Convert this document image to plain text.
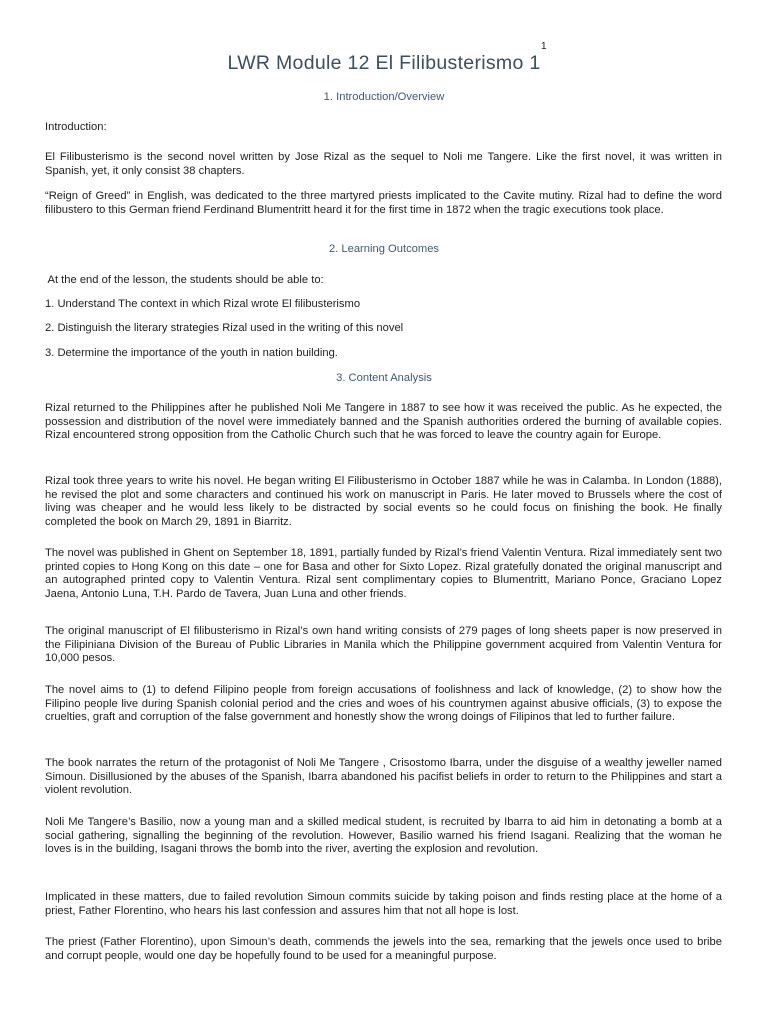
1
LWR Module 12 El Filibusterismo 1
1. Introduction/Overview

Introduction:

El Filibusterismo is the second novel written by Jose Rizal as the sequel to Noli me Tangere. Like the first novel, it was written in Spanish, yet, it only consist 38 chapters.

“Reign of Greed” in English, was dedicated to the three martyred priests implicated to the Cavite mutiny. Rizal had to define the word filibustero to this German friend Ferdinand Blumentritt heard it for the first time in 1872 when the tragic executions took place.

2. Learning Outcomes

At the end of the lesson, the students should be able to:

1. Understand The context in which Rizal wrote El filibusterismo

2. Distinguish the literary strategies Rizal used in the writing of this novel

3. Determine the importance of the youth in nation building.

3. Content Analysis

Rizal returned to the Philippines after he published Noli Me Tangere in 1887 to see how it was received the public. As he expected, the possession and distribution of the novel were immediately banned and the Spanish authorities ordered the burning of available copies. Rizal encountered strong opposition from the Catholic Church such that he was forced to leave the country again for Europe.

Rizal took three years to write his novel. He began writing El Filibusterismo in October 1887 while he was in Calamba. In London (1888), he revised the plot and some characters and continued his work on manuscript in Paris. He later moved to Brussels where the cost of living was cheaper and he would less likely to be distracted by social events so he could focus on finishing the book. He finally completed the book on March 29, 1891 in Biarritz.

The novel was published in Ghent on September 18, 1891, partially funded by Rizal’s friend Valentin Ventura. Rizal immediately sent two printed copies to Hong Kong on this date – one for Basa and other for Sixto Lopez. Rizal gratefully donated the original manuscript and an autographed printed copy to Valentin Ventura. Rizal sent complimentary copies to Blumentritt, Mariano Ponce, Graciano Lopez Jaena, Antonio Luna, T.H. Pardo de Tavera, Juan Luna and other friends.

The original manuscript of El filibusterismo in Rizal’s own hand writing consists of 279 pages of long sheets paper is now preserved in the Filipiniana Division of the Bureau of Public Libraries in Manila which the Philippine government acquired from Valentin Ventura for 10,000 pesos.

The novel aims to (1) to defend Filipino people from foreign accusations of foolishness and lack of knowledge, (2) to show how the Filipino people live during Spanish colonial period and the cries and woes of his countrymen against abusive officials, (3) to expose the cruelties, graft and corruption of the false government and honestly show the wrong doings of Filipinos that led to further failure.

The book narrates the return of the protagonist of Noli Me Tangere , Crisostomo Ibarra, under the disguise of a wealthy jeweller named Simoun. Disillusioned by the abuses of the Spanish, Ibarra abandoned his pacifist beliefs in order to return to the Philippines and start a violent revolution.

Noli Me Tangere’s Basilio, now a young man and a skilled medical student, is recruited by Ibarra to aid him in detonating a bomb at a social gathering, signalling the beginning of the revolution. However, Basilio warned his friend Isagani. Realizing that the woman he loves is in the building, Isagani throws the bomb into the river, averting the explosion and revolution.

Implicated in these matters, due to failed revolution Simoun commits suicide by taking poison and finds resting place at the home of a priest, Father Florentino, who hears his last confession and assures him that not all hope is lost.

The priest (Father Florentino), upon Simoun’s death, commends the jewels into the sea, remarking that the jewels once used to bribe and corrupt people, would one day be hopefully found to be used for a meaningful purpose.
